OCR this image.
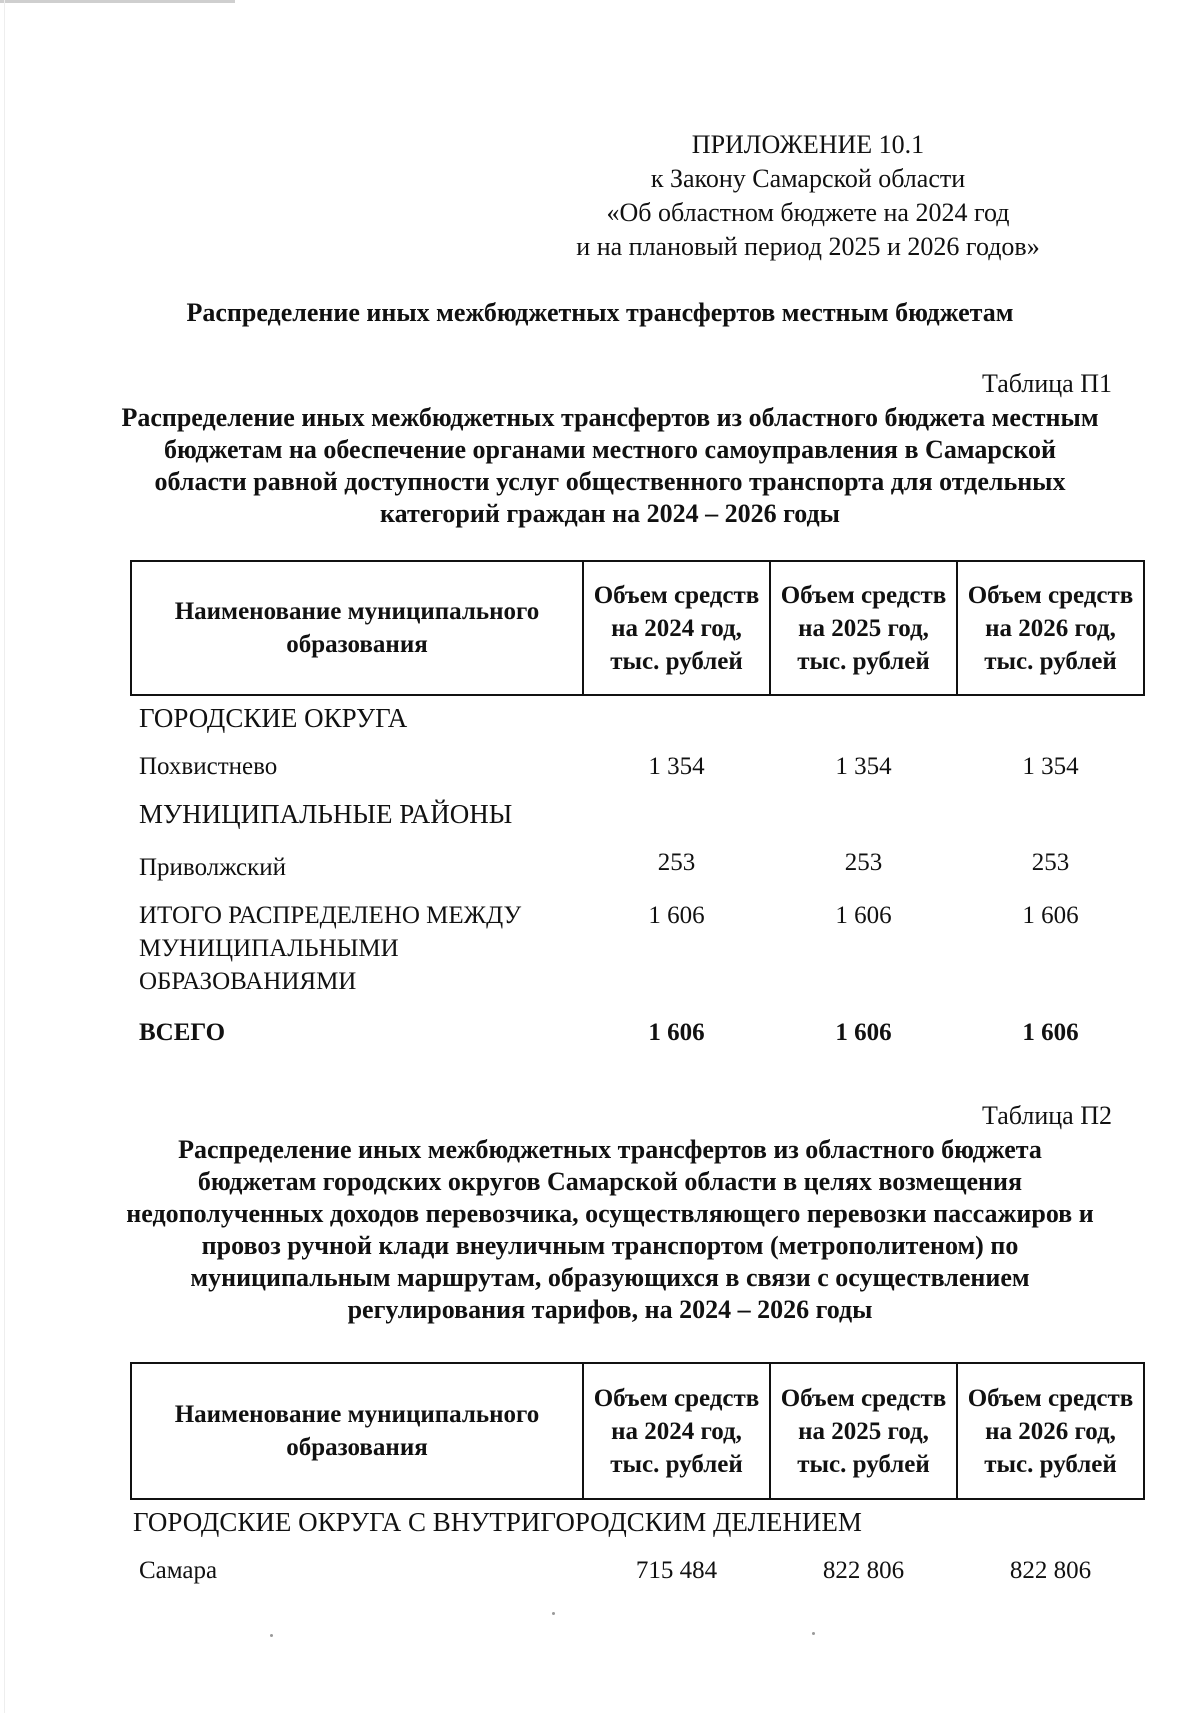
ПРИЛОЖЕНИЕ 10.1
к Закону Самарской области
«Об областном бюджете на 2024 год
и на плановый период 2025 и 2026 годов»
Распределение иных межбюджетных трансфертов местным бюджетам
Таблица П1
Распределение иных межбюджетных трансфертов из областного бюджета местным бюджетам на обеспечение органами местного самоуправления в Самарской области равной доступности услуг общественного транспорта для отдельных категорий граждан на 2024 – 2026 годы
Наименование муниципального образования	Объем средств на 2024 год, тыс. рублей	Объем средств на 2025 год, тыс. рублей	Объем средств на 2026 год, тыс. рублей
ГОРОДСКИЕ ОКРУГА			
Похвистнево	1 354	1 354	1 354
МУНИЦИПАЛЬНЫЕ РАЙОНЫ			
Приволжский	253	253	253
ИТОГО РАСПРЕДЕЛЕНО МЕЖДУ МУНИЦИПАЛЬНЫМИ ОБРАЗОВАНИЯМИ	1 606	1 606	1 606
ВСЕГО	1 606	1 606	1 606
Таблица П2
Распределение иных межбюджетных трансфертов из областного бюджета бюджетам городских округов Самарской области в целях возмещения недополученных доходов перевозчика, осуществляющего перевозки пассажиров и провоз ручной клади внеуличным транспортом (метрополитеном) по муниципальным маршрутам, образующихся в связи с осуществлением регулирования тарифов, на 2024 – 2026 годы
Наименование муниципального образования	Объем средств на 2024 год, тыс. рублей	Объем средств на 2025 год, тыс. рублей	Объем средств на 2026 год, тыс. рублей
ГОРОДСКИЕ ОКРУГА С ВНУТРИГОРОДСКИМ ДЕЛЕНИЕМ			
Самара	715 484	822 806	822 806
